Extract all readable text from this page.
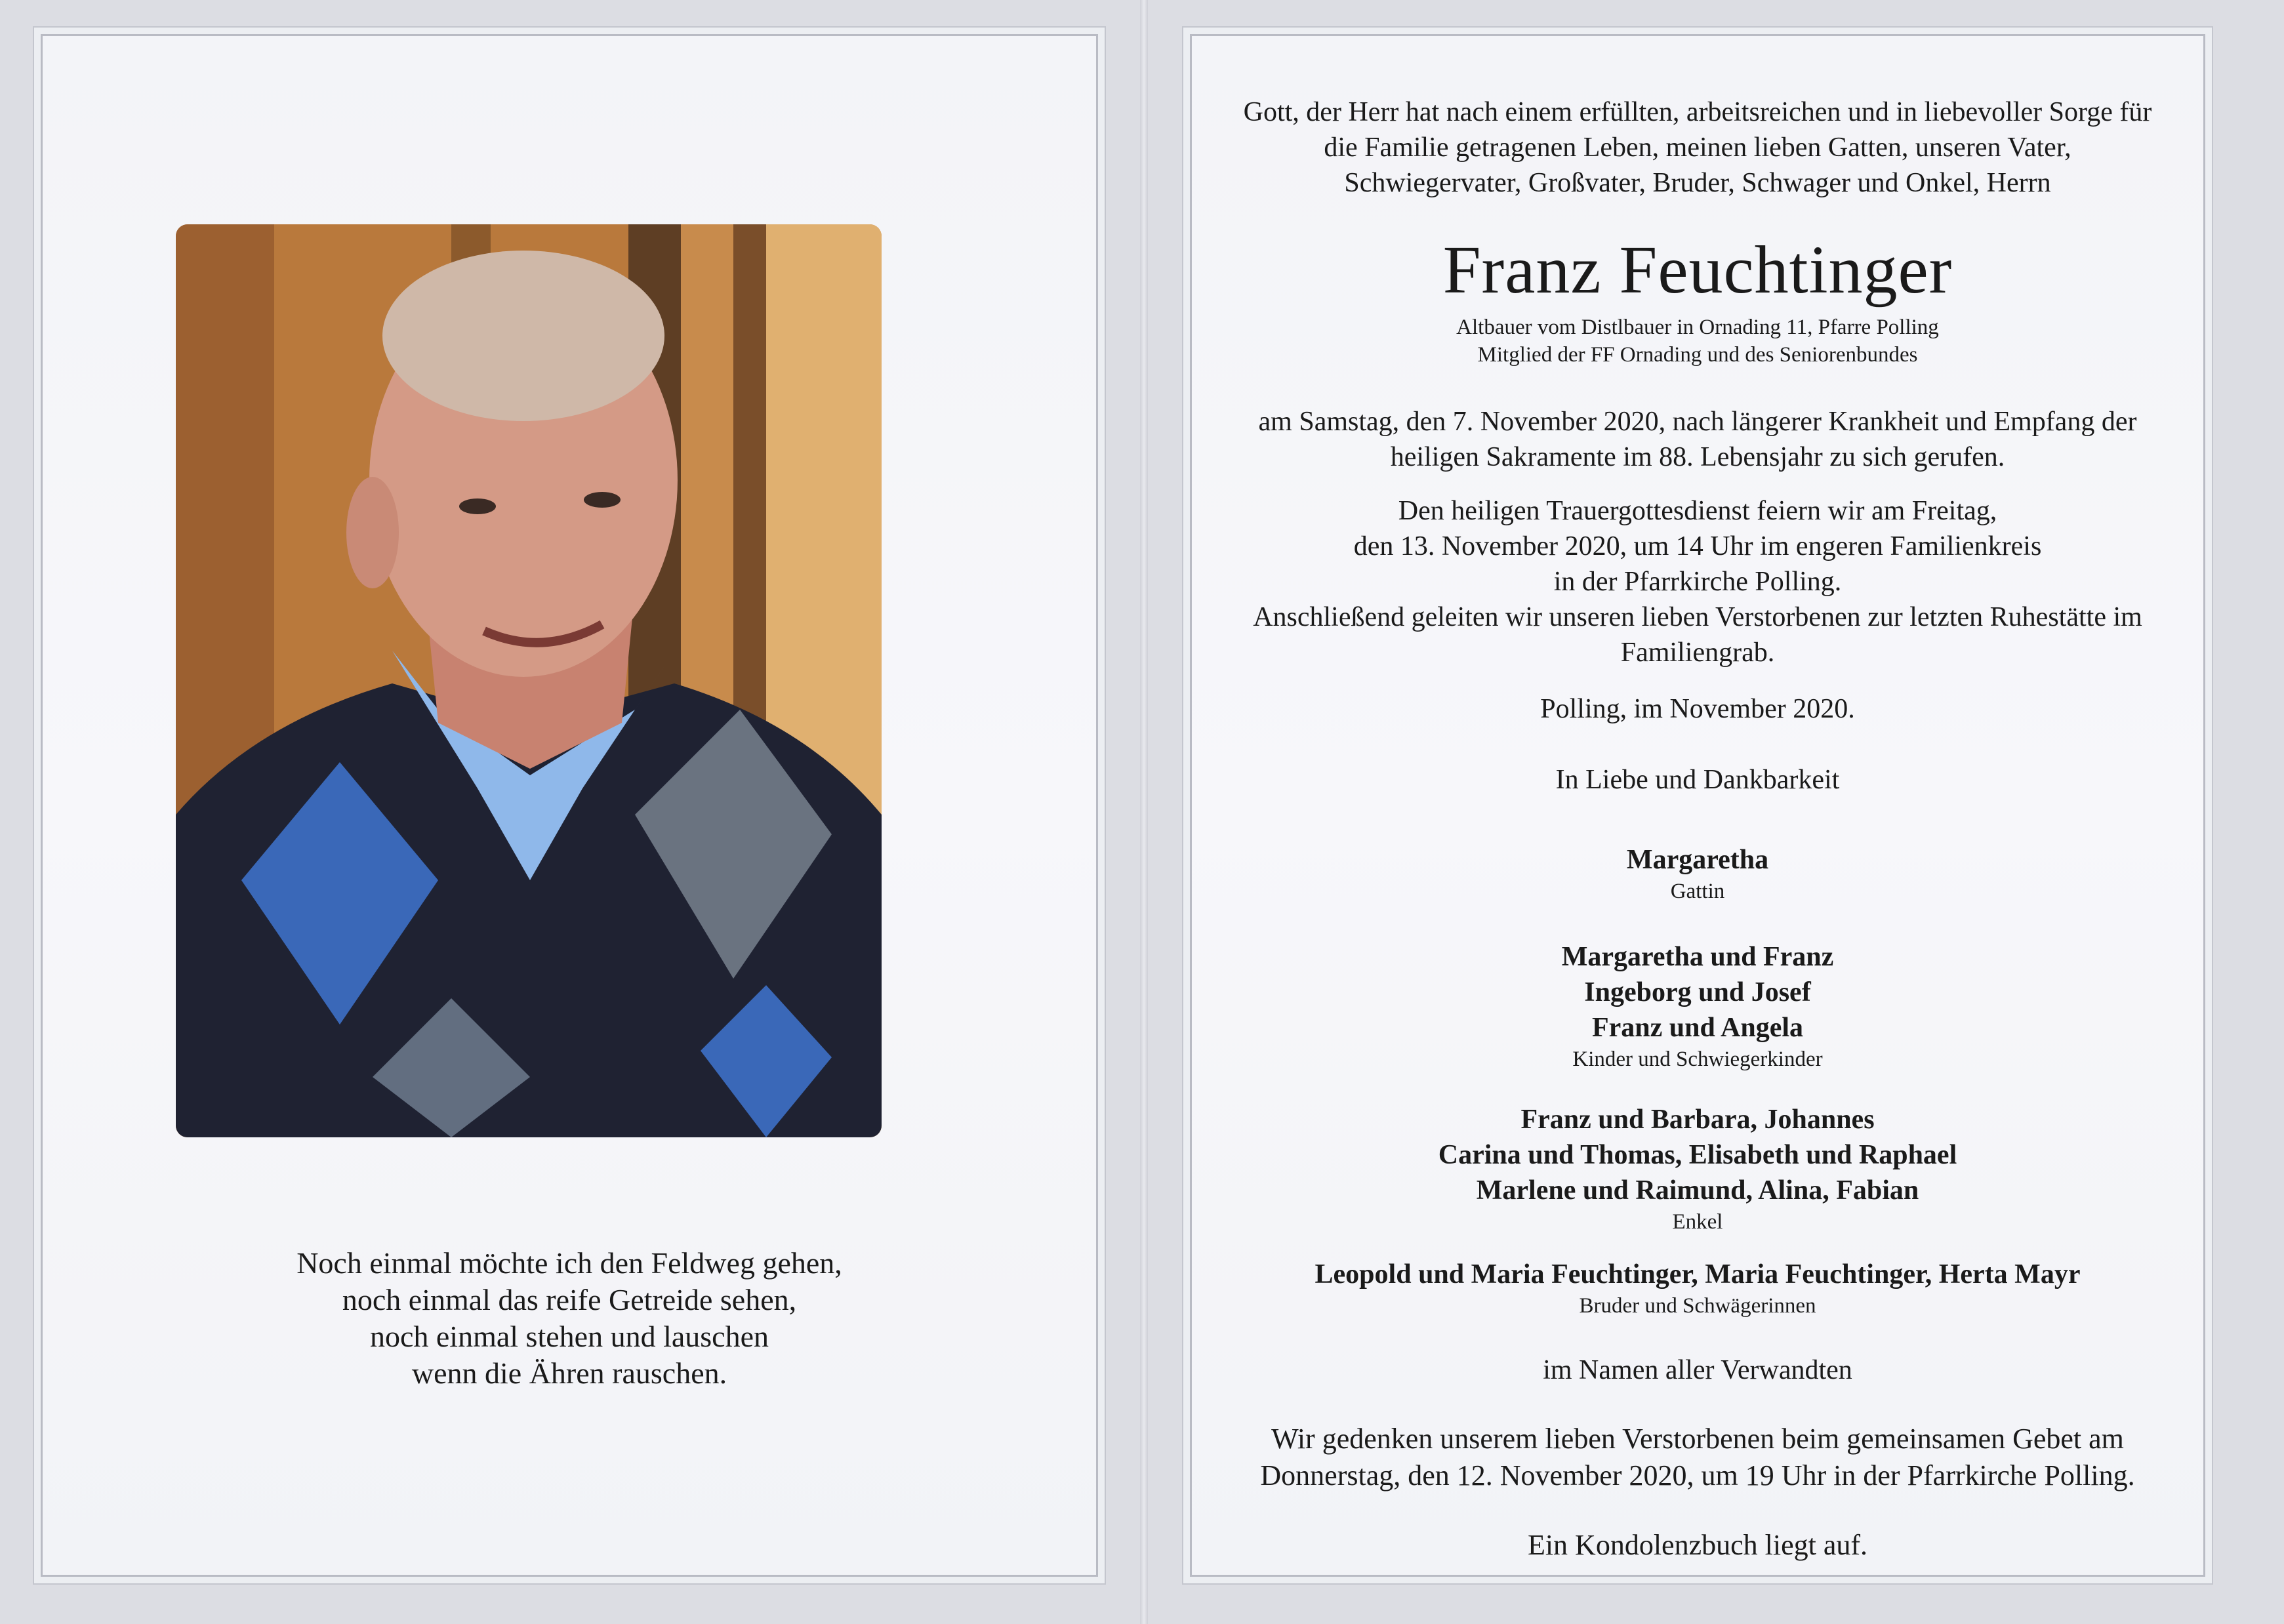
Noch einmal möchte ich den Feldweg gehen,
noch einmal das reife Getreide sehen,
noch einmal stehen und lauschen
wenn die Ähren rauschen.
Gott, der Herr hat nach einem erfüllten, arbeitsreichen und in liebevoller Sorge für
die Familie getragenen Leben, meinen lieben Gatten, unseren Vater,
Schwiegervater, Großvater, Bruder, Schwager und Onkel, Herrn
Franz Feuchtinger
Altbauer vom Distlbauer in Ornading 11, Pfarre Polling
Mitglied der FF Ornading und des Seniorenbundes
am Samstag, den 7. November 2020, nach längerer Krankheit und Empfang der
heiligen Sakramente im 88. Lebensjahr zu sich gerufen.
Den heiligen Trauergottesdienst feiern wir am Freitag,
den 13. November 2020, um 14 Uhr im engeren Familienkreis
in der Pfarrkirche Polling.
Anschließend geleiten wir unseren lieben Verstorbenen zur letzten Ruhestätte im
Familiengrab.
Polling, im November 2020.
In Liebe und Dankbarkeit
Margaretha
Gattin
Margaretha und Franz
Ingeborg und Josef
Franz und Angela
Kinder und Schwiegerkinder
Franz und Barbara, Johannes
Carina und Thomas, Elisabeth und Raphael
Marlene und Raimund, Alina, Fabian
Enkel
Leopold und Maria Feuchtinger, Maria Feuchtinger, Herta Mayr
Bruder und Schwägerinnen
im Namen aller Verwandten
Wir gedenken unserem lieben Verstorbenen beim gemeinsamen Gebet am
Donnerstag, den 12. November 2020, um 19 Uhr in der Pfarrkirche Polling.
Ein Kondolenzbuch liegt auf.
